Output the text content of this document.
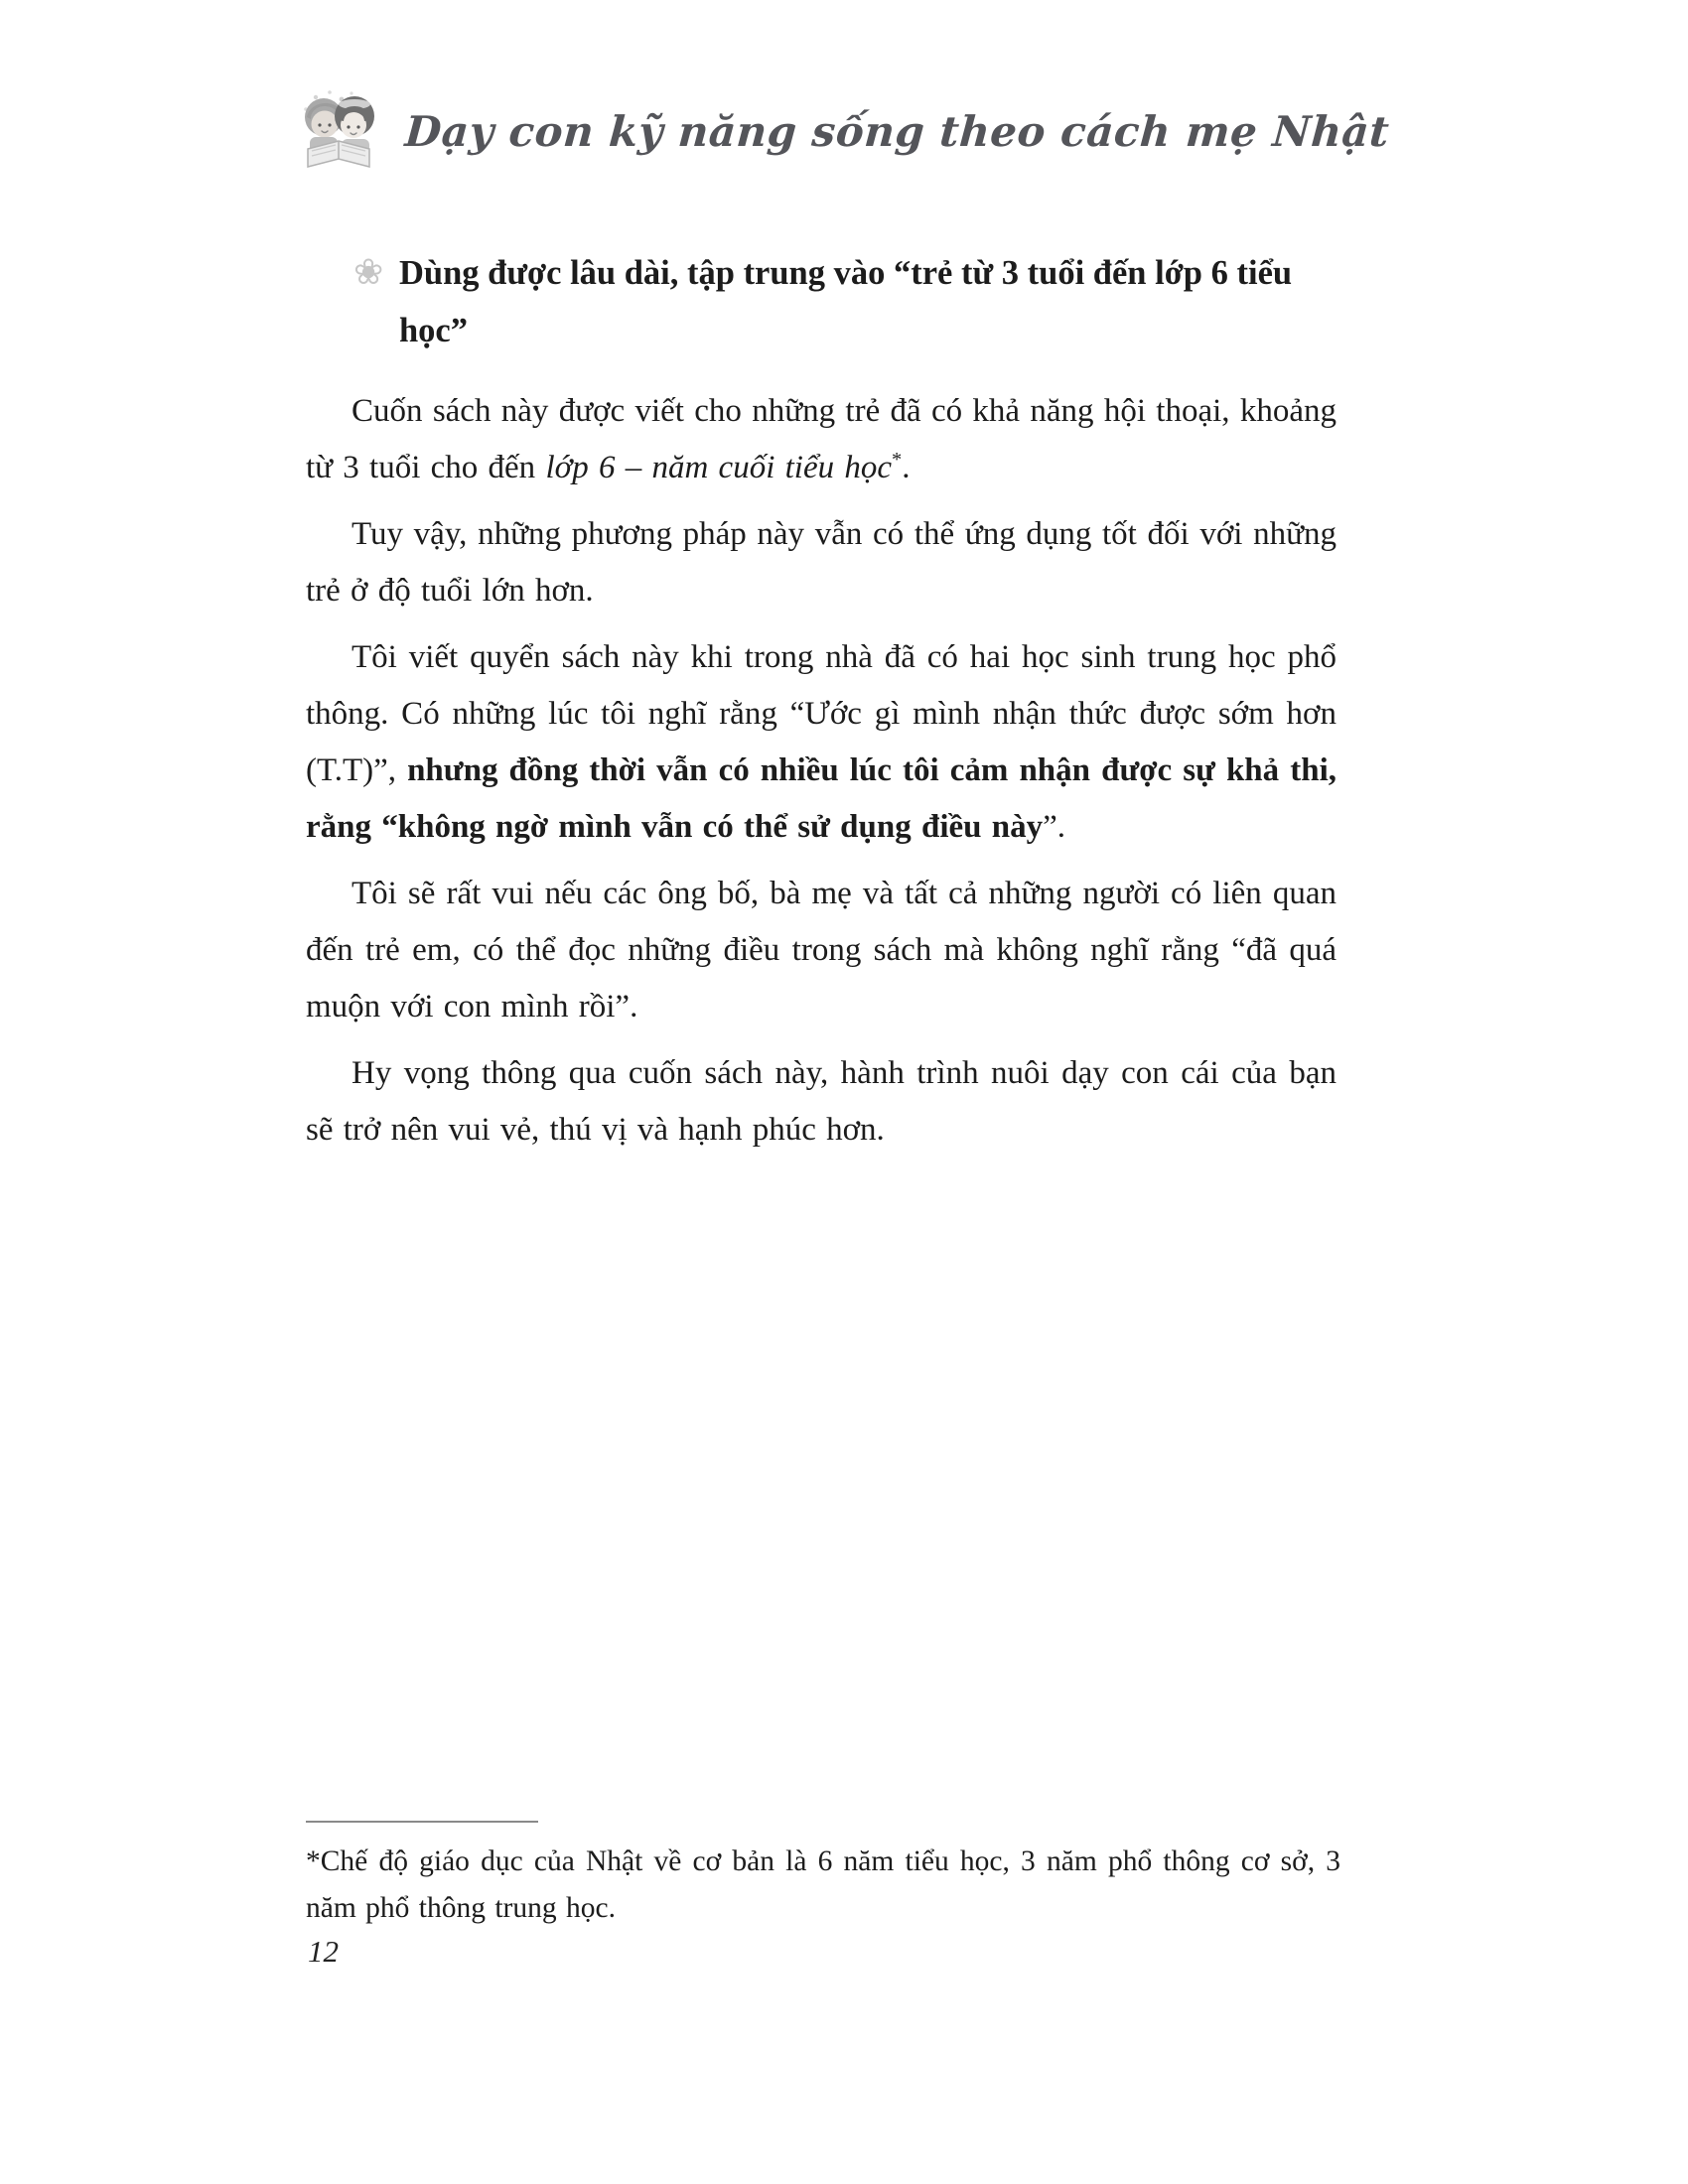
Dạy con kỹ năng sống theo cách mẹ Nhật
❀ Dùng được lâu dài, tập trung vào “trẻ từ 3 tuổi đến lớp 6 tiểu học”

Cuốn sách này được viết cho những trẻ đã có khả năng hội thoại, khoảng từ 3 tuổi cho đến lớp 6 – năm cuối tiểu học*.

Tuy vậy, những phương pháp này vẫn có thể ứng dụng tốt đối với những trẻ ở độ tuổi lớn hơn.

Tôi viết quyển sách này khi trong nhà đã có hai học sinh trung học phổ thông. Có những lúc tôi nghĩ rằng “Ước gì mình nhận thức được sớm hơn (T.T)”, nhưng đồng thời vẫn có nhiều lúc tôi cảm nhận được sự khả thi, rằng “không ngờ mình vẫn có thể sử dụng điều này”.

Tôi sẽ rất vui nếu các ông bố, bà mẹ và tất cả những người có liên quan đến trẻ em, có thể đọc những điều trong sách mà không nghĩ rằng “đã quá muộn với con mình rồi”.

Hy vọng thông qua cuốn sách này, hành trình nuôi dạy con cái của bạn sẽ trở nên vui vẻ, thú vị và hạnh phúc hơn.

*Chế độ giáo dục của Nhật về cơ bản là 6 năm tiểu học, 3 năm phổ thông cơ sở, 3 năm phổ thông trung học.
12
